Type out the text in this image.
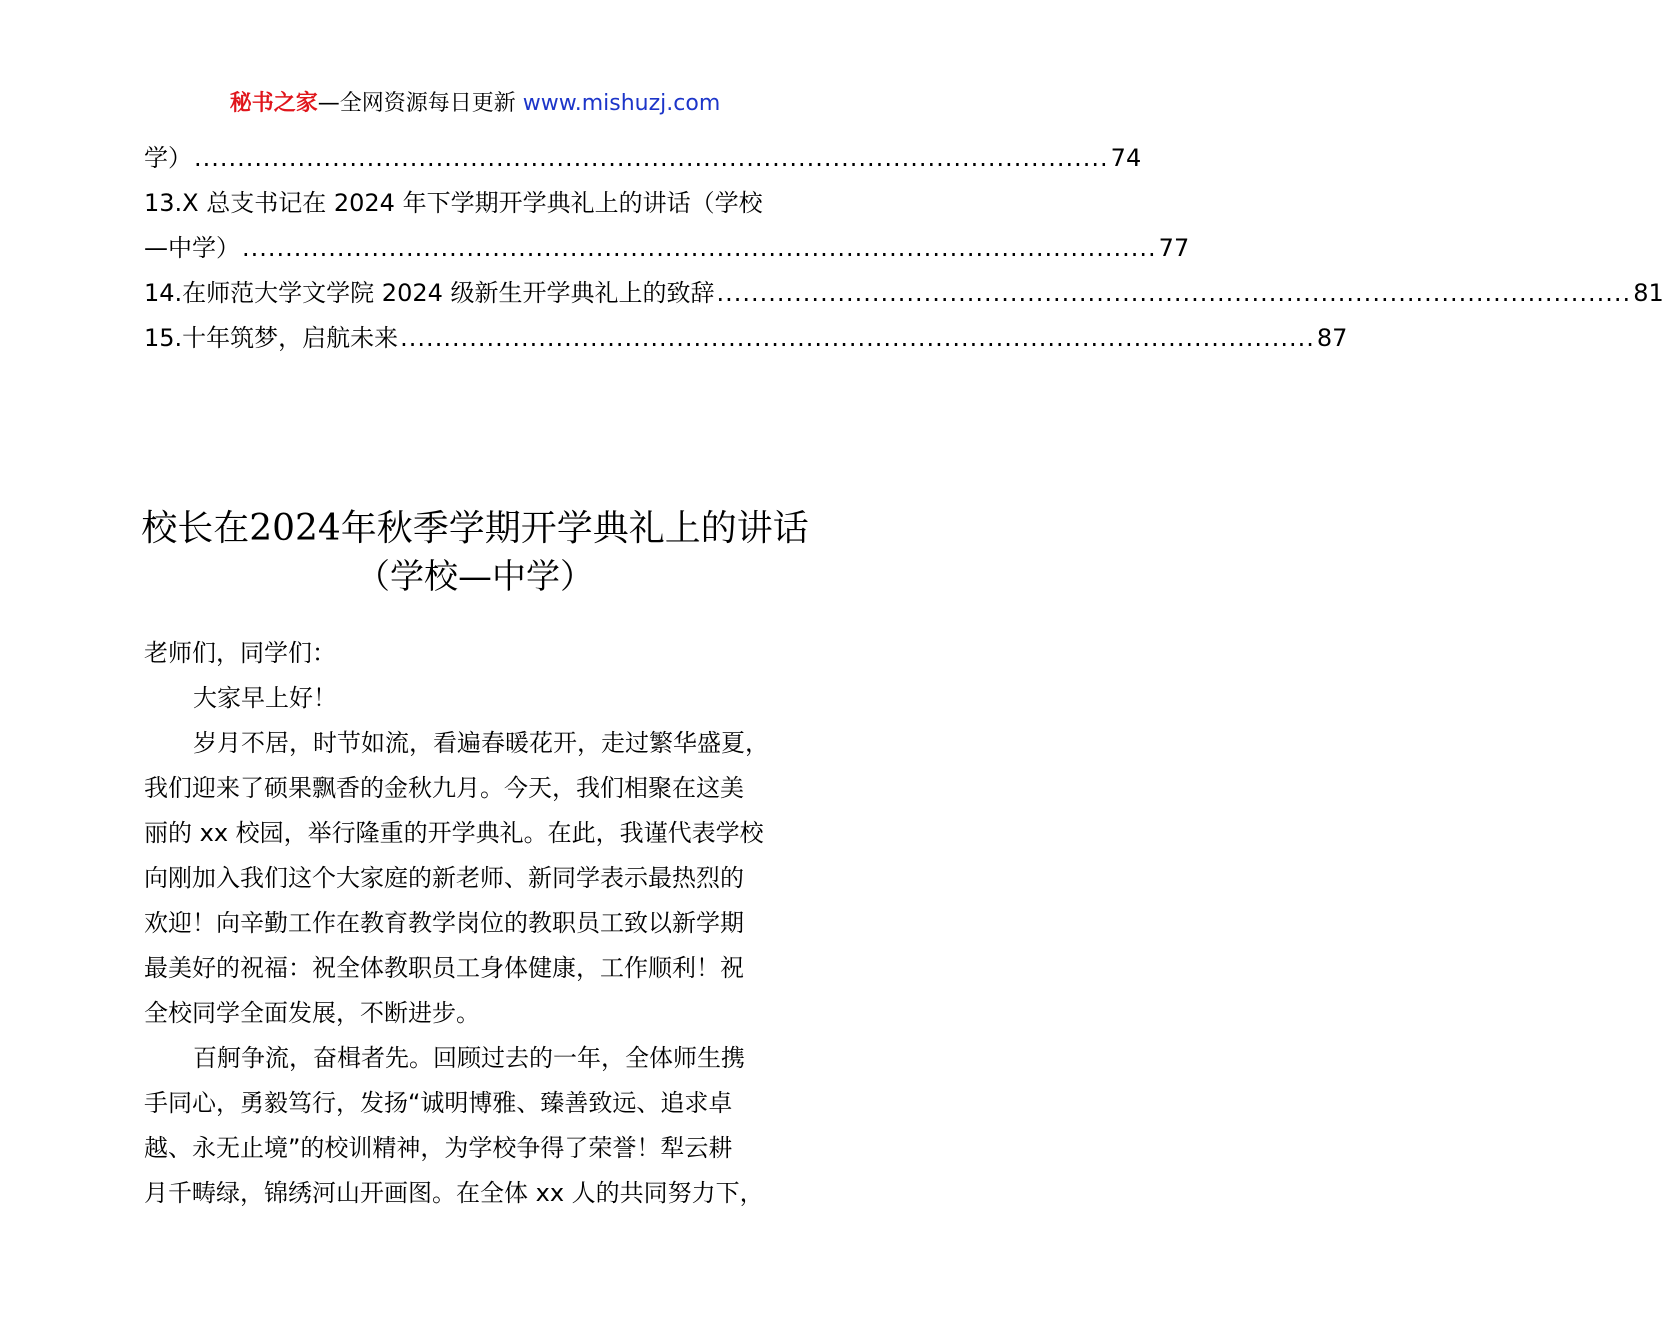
秘书之家—全网资源每日更新 www.mishuzj.com
学） .......................................................................................................... 74
13.X 总支书记在 2024 年下学期开学典礼上的讲话（学校
—中学） .......................................................................................................... 77
14.在师范大学文学院 2024 级新生开学典礼上的致辞 .......................................................................................................... 81
15.十年筑梦，启航未来 .......................................................................................................... 87
校长在2024年秋季学期开学典礼上的讲话
（学校—中学）
老师们，同学们：
大家早上好！
岁月不居，时节如流，看遍春暖花开，走过繁华盛夏，
我们迎来了硕果飘香的金秋九月。今天，我们相聚在这美
丽的 xx 校园，举行隆重的开学典礼。在此，我谨代表学校
向刚加入我们这个大家庭的新老师、新同学表示最热烈的
欢迎！向辛勤工作在教育教学岗位的教职员工致以新学期
最美好的祝福：祝全体教职员工身体健康，工作顺利！祝
全校同学全面发展，不断进步。
百舸争流，奋楫者先。回顾过去的一年，全体师生携
手同心，勇毅笃行，发扬“诚明博雅、臻善致远、追求卓
越、永无止境”的校训精神，为学校争得了荣誉！犁云耕
月千畴绿，锦绣河山开画图。在全体 xx 人的共同努力下，
